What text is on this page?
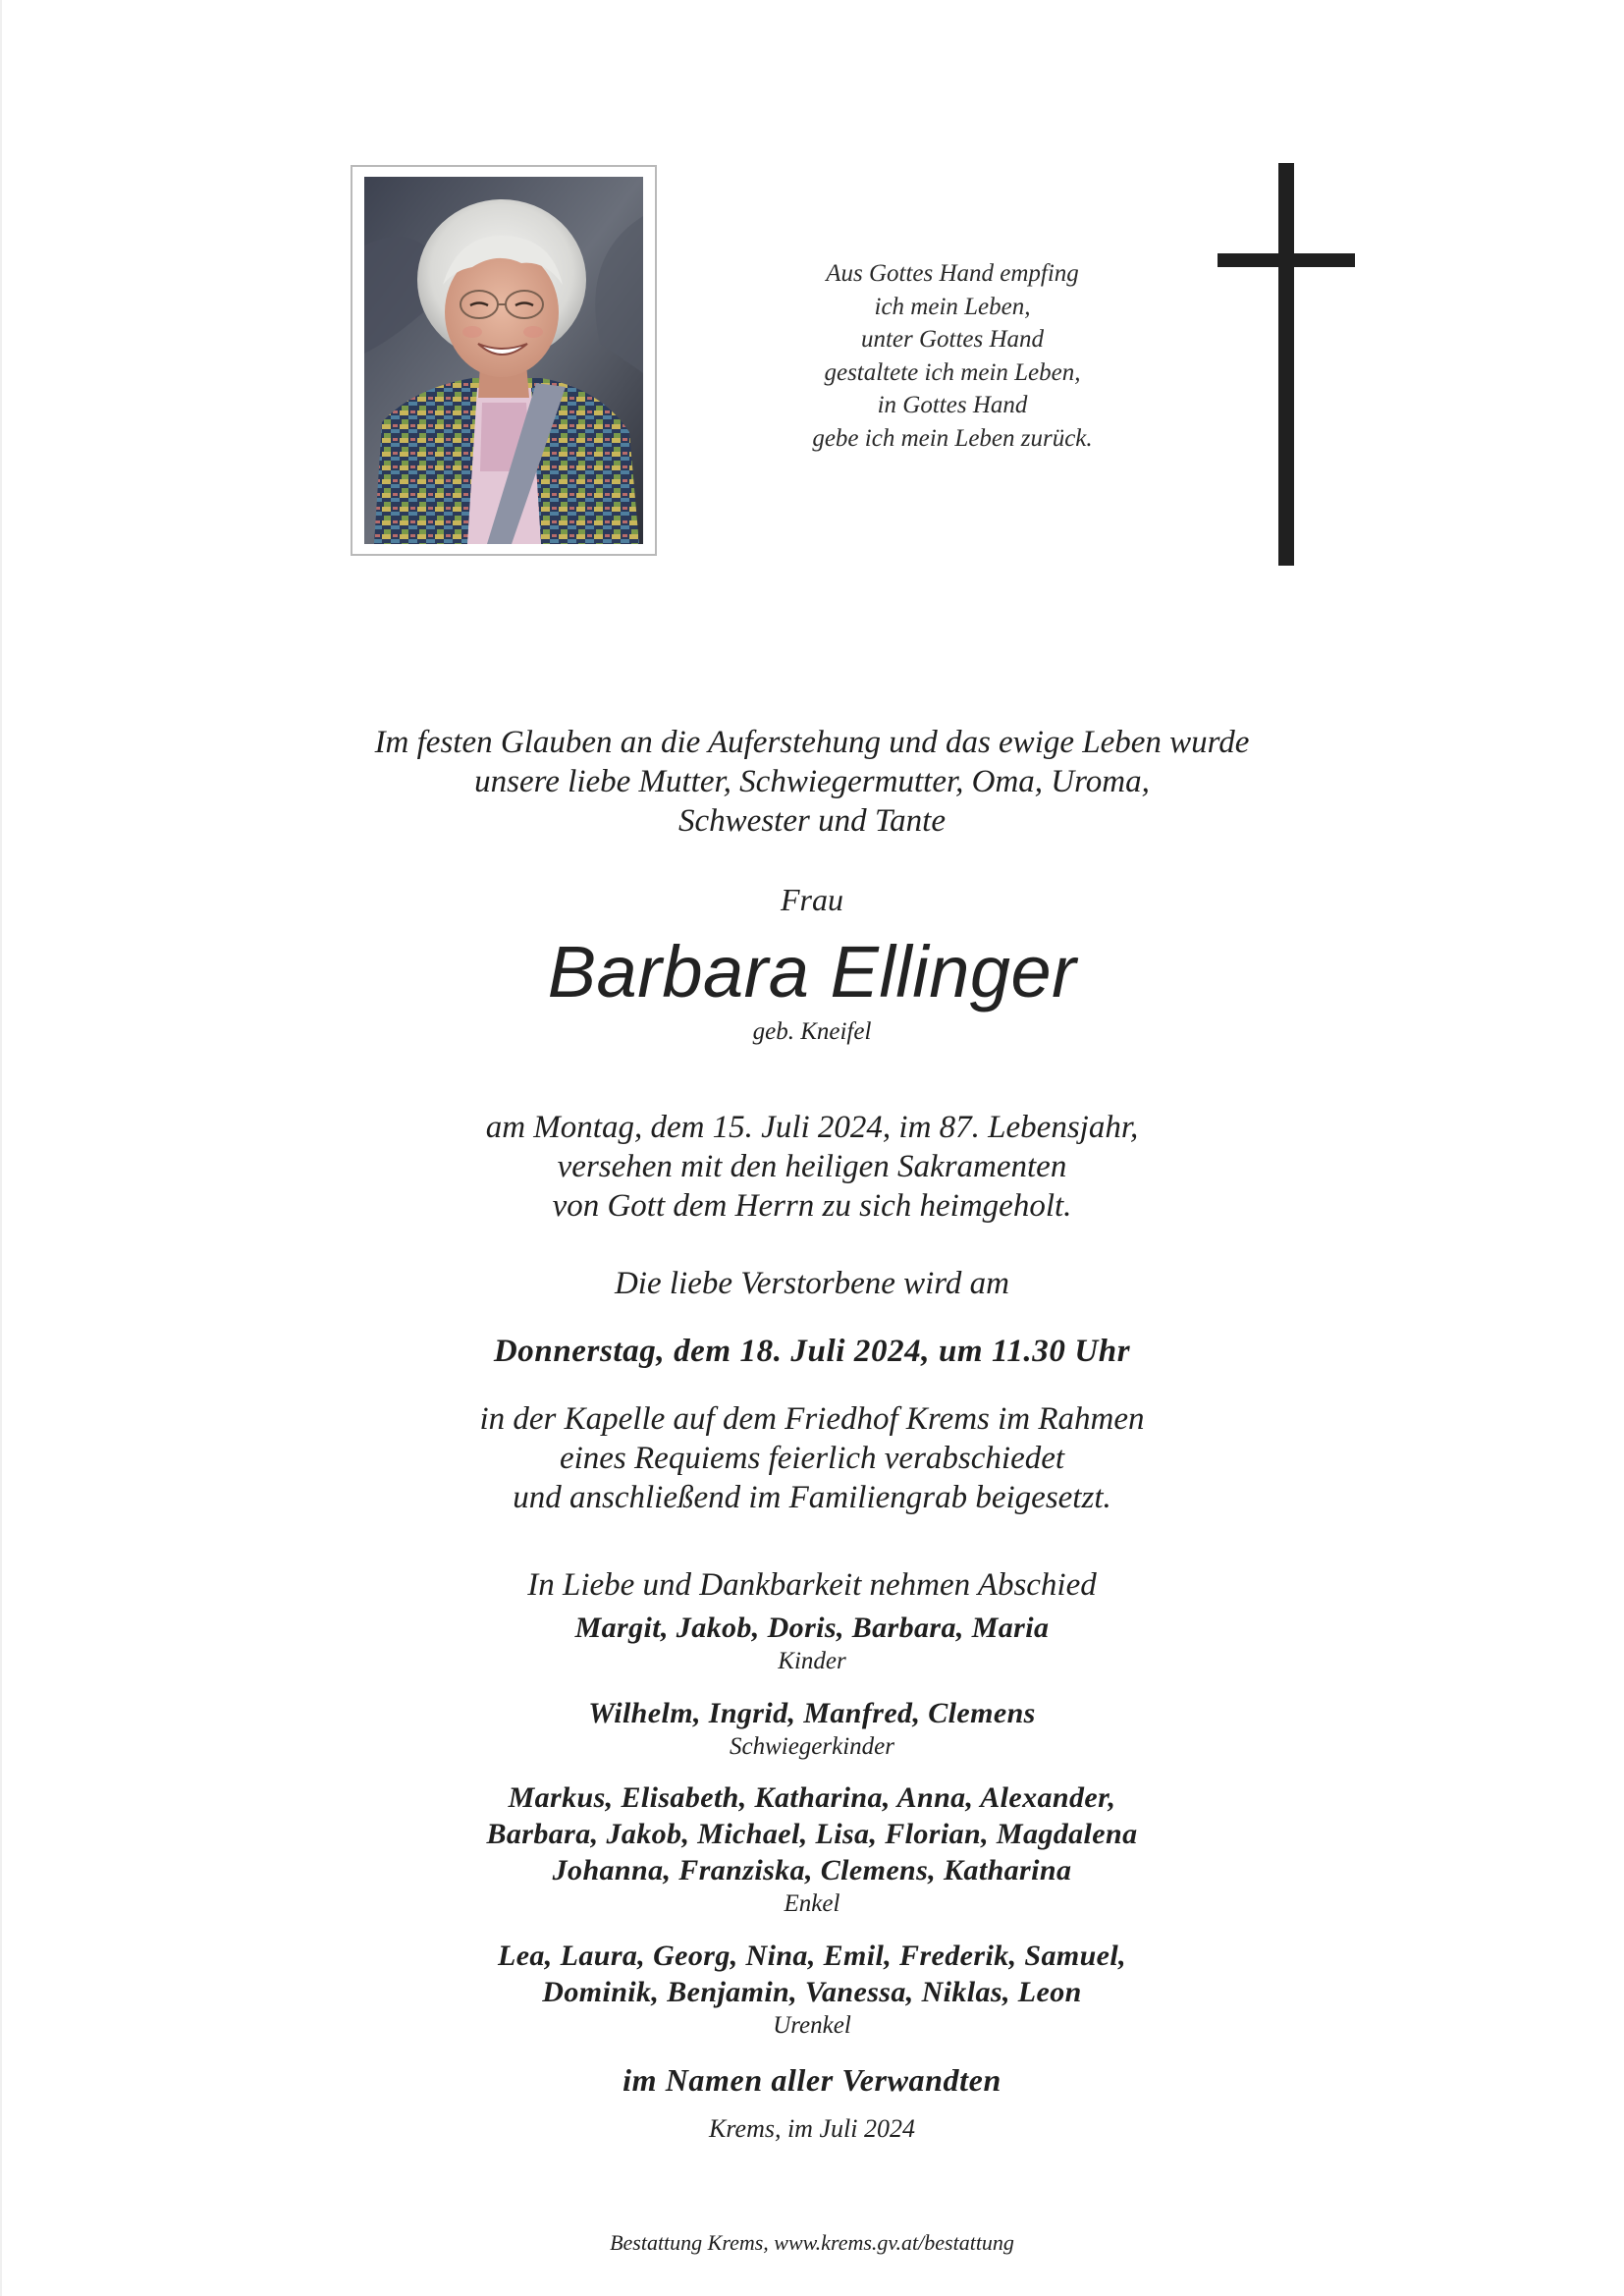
Aus Gottes Hand empfing
ich mein Leben,
unter Gottes Hand
gestaltete ich mein Leben,
in Gottes Hand
gebe ich mein Leben zurück.
Im festen Glauben an die Auferstehung und das ewige Leben wurde
unsere liebe Mutter, Schwiegermutter, Oma, Uroma,
Schwester und Tante
Frau
Barbara Ellinger
geb. Kneifel
am Montag, dem 15. Juli 2024, im 87. Lebensjahr,
versehen mit den heiligen Sakramenten
von Gott dem Herrn zu sich heimgeholt.
Die liebe Verstorbene wird am
Donnerstag, dem 18. Juli 2024, um 11.30 Uhr
in der Kapelle auf dem Friedhof Krems im Rahmen
eines Requiems feierlich verabschiedet
und anschließend im Familiengrab beigesetzt.
In Liebe und Dankbarkeit nehmen Abschied
Margit, Jakob, Doris, Barbara, Maria
Kinder
Wilhelm, Ingrid, Manfred, Clemens
Schwiegerkinder
Markus, Elisabeth, Katharina, Anna, Alexander,
Barbara, Jakob, Michael, Lisa, Florian, Magdalena
Johanna, Franziska, Clemens, Katharina
Enkel
Lea, Laura, Georg, Nina, Emil, Frederik, Samuel,
Dominik, Benjamin, Vanessa, Niklas, Leon
Urenkel
im Namen aller Verwandten
Krems, im Juli 2024
Bestattung Krems, www.krems.gv.at/bestattung
